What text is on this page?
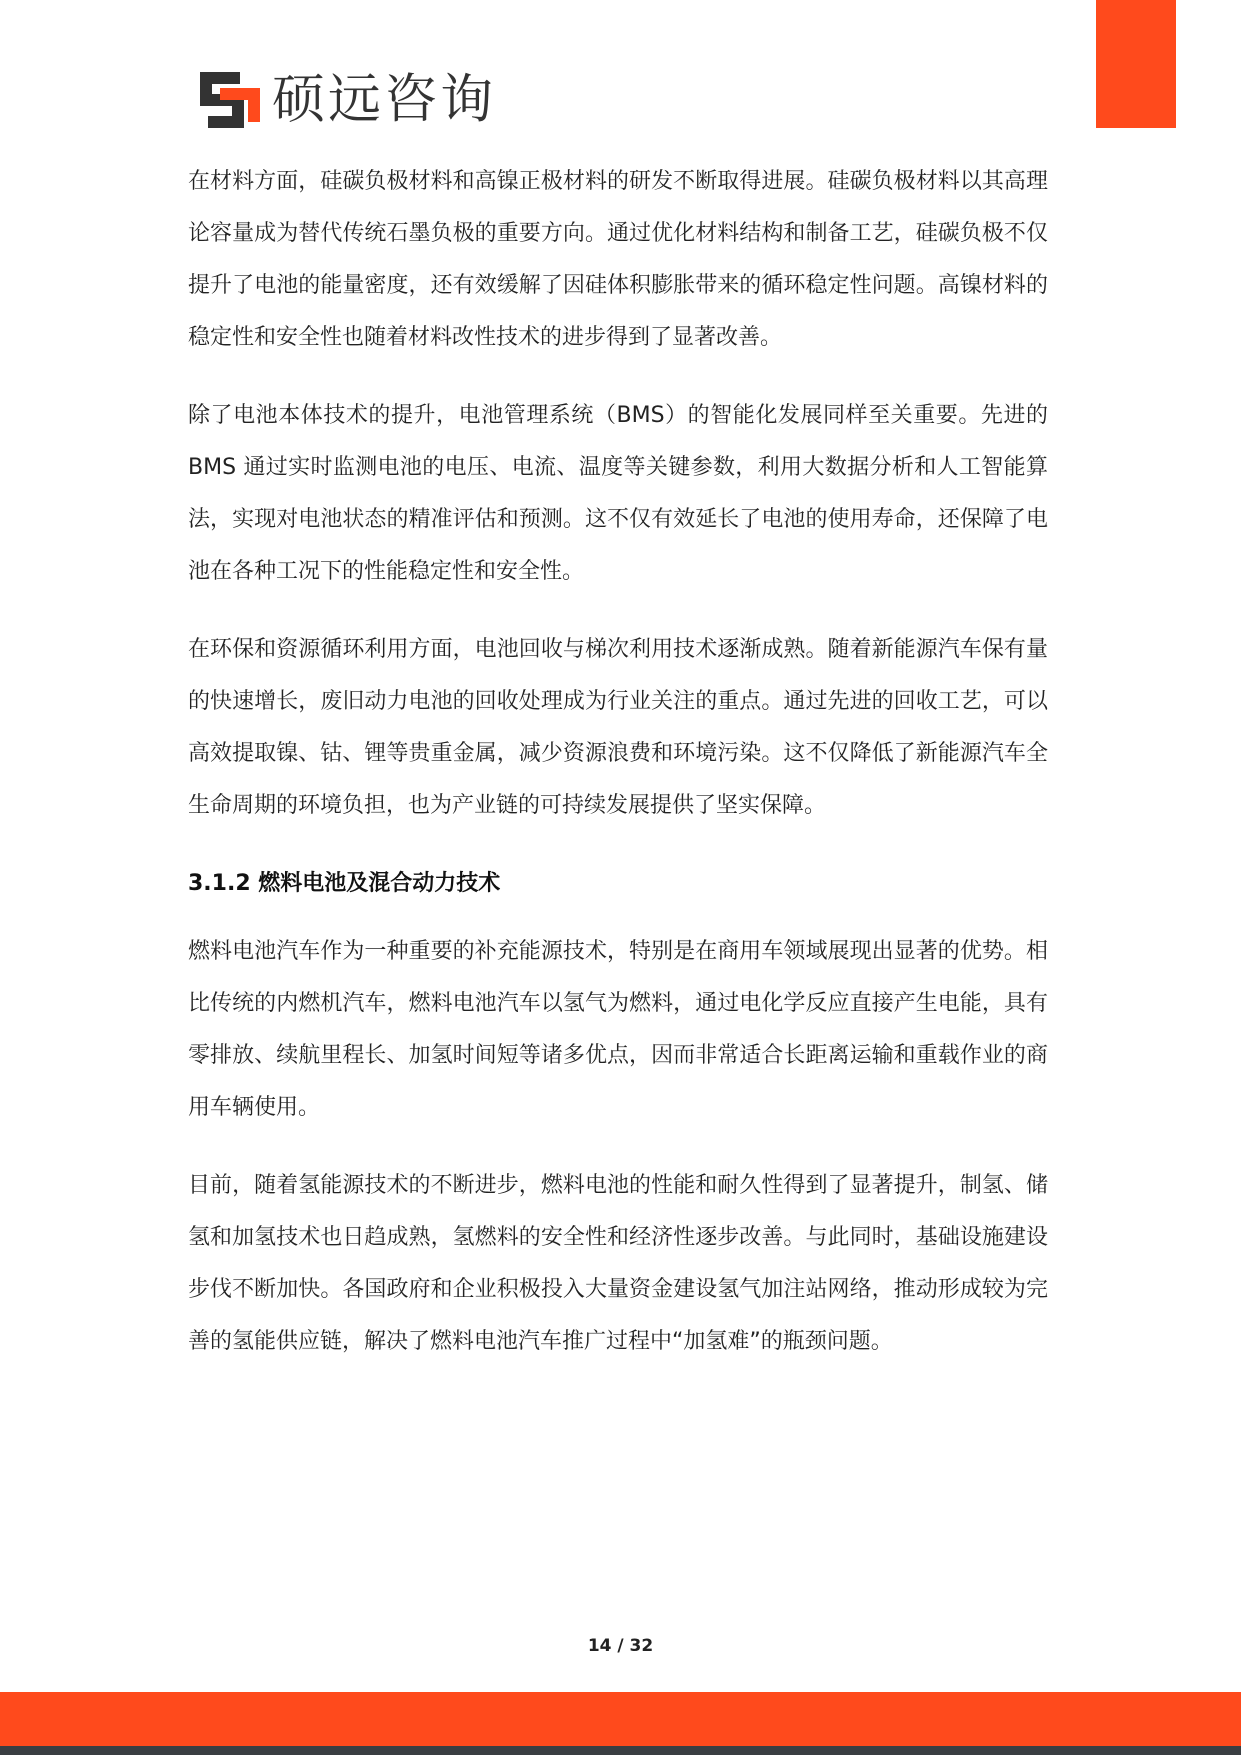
硕远咨询

在材料方面，硅碳负极材料和高镍正极材料的研发不断取得进展。硅碳负极材料以其高理论容量成为替代传统石墨负极的重要方向。通过优化材料结构和制备工艺，硅碳负极不仅提升了电池的能量密度，还有效缓解了因硅体积膨胀带来的循环稳定性问题。高镍材料的稳定性和安全性也随着材料改性技术的进步得到了显著改善。

除了电池本体技术的提升，电池管理系统（BMS）的智能化发展同样至关重要。先进的 BMS 通过实时监测电池的电压、电流、温度等关键参数，利用大数据分析和人工智能算法，实现对电池状态的精准评估和预测。这不仅有效延长了电池的使用寿命，还保障了电池在各种工况下的性能稳定性和安全性。

在环保和资源循环利用方面，电池回收与梯次利用技术逐渐成熟。随着新能源汽车保有量的快速增长，废旧动力电池的回收处理成为行业关注的重点。通过先进的回收工艺，可以高效提取镍、钴、锂等贵重金属，减少资源浪费和环境污染。这不仅降低了新能源汽车全生命周期的环境负担，也为产业链的可持续发展提供了坚实保障。

3.1.2 燃料电池及混合动力技术

燃料电池汽车作为一种重要的补充能源技术，特别是在商用车领域展现出显著的优势。相比传统的内燃机汽车，燃料电池汽车以氢气为燃料，通过电化学反应直接产生电能，具有零排放、续航里程长、加氢时间短等诸多优点，因而非常适合长距离运输和重载作业的商用车辆使用。

目前，随着氢能源技术的不断进步，燃料电池的性能和耐久性得到了显著提升，制氢、储氢和加氢技术也日趋成熟，氢燃料的安全性和经济性逐步改善。与此同时，基础设施建设步伐不断加快。各国政府和企业积极投入大量资金建设氢气加注站网络，推动形成较为完善的氢能供应链，解决了燃料电池汽车推广过程中“加氢难”的瓶颈问题。

14 / 32
